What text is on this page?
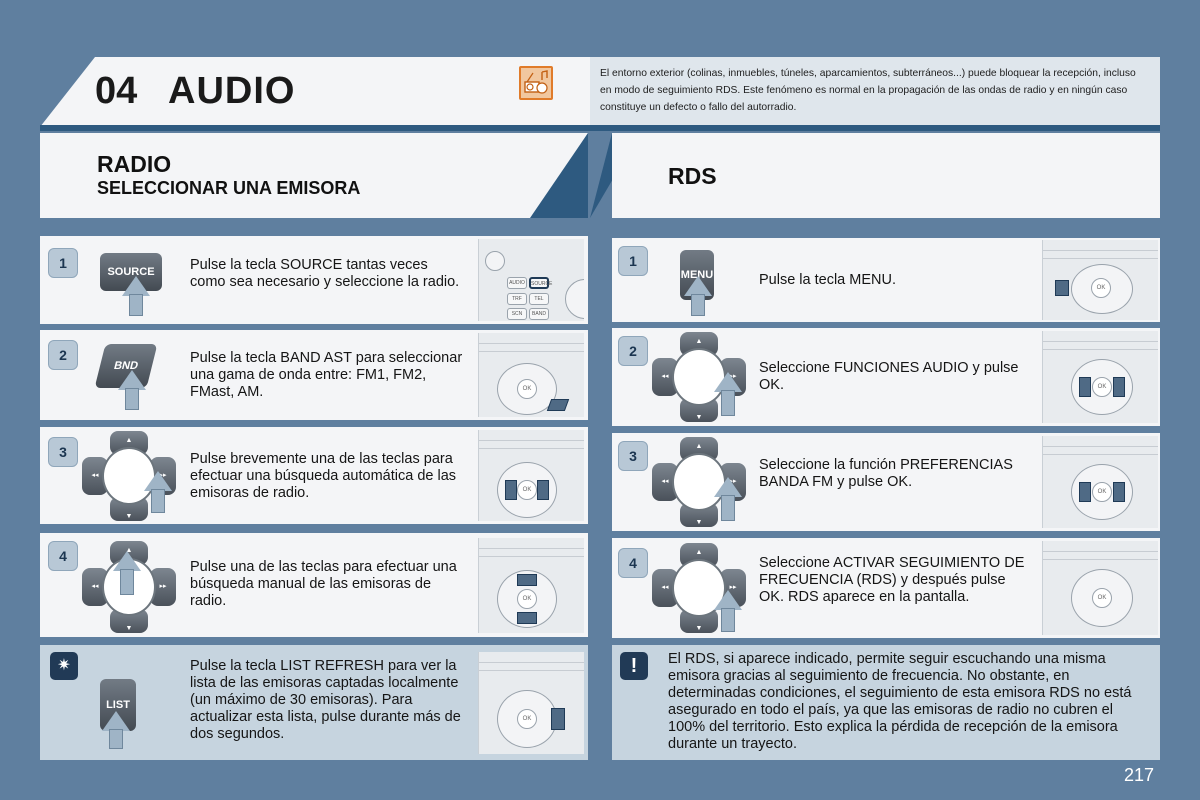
04 AUDIO	El entorno exterior (colinas, inmuebles, túneles, aparcamientos, subterráneos...) puede bloquear la recepción, incluso en modo de seguimiento RDS. Este fenómeno es normal en la propagación de las ondas de radio y en ningún caso constituye un defecto o fallo del autorradio.
RADIO
SELECCIONAR UNA EMISORA	RDS
1
SOURCE	Pulse la tecla SOURCE tantas veces como sea necesario y seleccione la radio.	AUDIO	SOURCE
TRF	TEL
SCN	BAND
2
BND	Pulse la tecla BAND AST para seleccionar una gama de onda entre: FM1, FM2, FMast, AM.	OK
3
▲
▼
◂◂	▸▸
Pulse brevemente una de las teclas para efectuar una búsqueda automática de las emisoras de radio.	OK
4	▲
▼
◂◂	▸▸
Pulse una de las teclas para efectuar una búsqueda manual de las emisoras de radio.	OK
LIST
Pulse la tecla LIST REFRESH para ver la lista de las emisoras captadas localmente (un máximo de 30 emisoras). Para actualizar esta lista, pulse durante más de dos segundos.
OK
✷
1
MENU	Pulse la tecla MENU.	OK
2
▲
▼
◂◂	▸▸
Seleccione FUNCIONES AUDIO y pulse OK.	OK
3
▲
▼
◂◂	▸▸
Seleccione la función PREFERENCIAS BANDA FM y pulse OK.
OK
4
▲
▼
◂◂	▸▸
Seleccione ACTIVAR SEGUIMIENTO DE FRECUENCIA (RDS) y después pulse OK. RDS aparece en la pantalla.	OK
!	El RDS, si aparece indicado, permite seguir escuchando una misma emisora gracias al seguimiento de frecuencia. No obstante, en determinadas condiciones, el seguimiento de esta emisora RDS no está asegurado en todo el país, ya que las emisoras de radio no cubren el 100% del territorio. Esto explica la pérdida de recepción de la emisora durante un trayecto.
217
